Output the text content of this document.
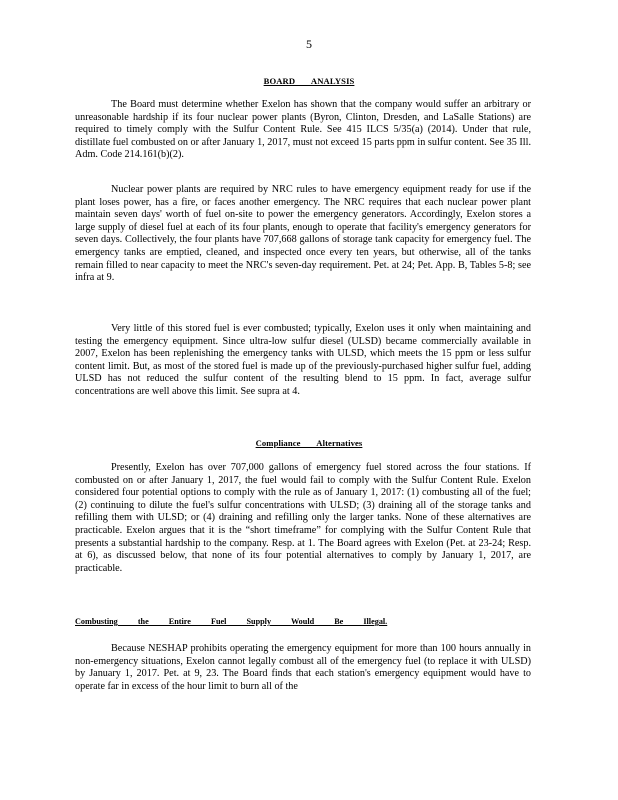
5
BOARD ANALYSIS

The Board must determine whether Exelon has shown that the company would suffer an arbitrary or unreasonable hardship if its four nuclear power plants (Byron, Clinton, Dresden, and LaSalle Stations) are required to timely comply with the Sulfur Content Rule. See 415 ILCS 5/35(a) (2014). Under that rule, distillate fuel combusted on or after January 1, 2017, must not exceed 15 parts ppm in sulfur content. See 35 Ill. Adm. Code 214.161(b)(2).

Nuclear power plants are required by NRC rules to have emergency equipment ready for use if the plant loses power, has a fire, or faces another emergency. The NRC requires that each nuclear power plant maintain seven days' worth of fuel on-site to power the emergency generators. Accordingly, Exelon stores a large supply of diesel fuel at each of its four plants, enough to operate that facility's emergency generators for seven days. Collectively, the four plants have 707,668 gallons of storage tank capacity for emergency fuel. The emergency tanks are emptied, cleaned, and inspected once every ten years, but otherwise, all of the tanks remain filled to near capacity to meet the NRC's seven-day requirement. Pet. at 24; Pet. App. B, Tables 5-8; see infra at 9.

Very little of this stored fuel is ever combusted; typically, Exelon uses it only when maintaining and testing the emergency equipment. Since ultra-low sulfur diesel (ULSD) became commercially available in 2007, Exelon has been replenishing the emergency tanks with ULSD, which meets the 15 ppm or less sulfur content limit. But, as most of the stored fuel is made up of the previously-purchased higher sulfur fuel, adding ULSD has not reduced the sulfur content of the resulting blend to 15 ppm. In fact, average sulfur concentrations are well above this limit. See supra at 4.

Compliance Alternatives

Presently, Exelon has over 707,000 gallons of emergency fuel stored across the four stations. If combusted on or after January 1, 2017, the fuel would fail to comply with the Sulfur Content Rule. Exelon considered four potential options to comply with the rule as of January 1, 2017: (1) combusting all of the fuel; (2) continuing to dilute the fuel's sulfur concentrations with ULSD; (3) draining all of the storage tanks and refilling them with ULSD; or (4) draining and refilling only the larger tanks. None of these alternatives are practicable. Exelon argues that it is the “short timeframe” for complying with the Sulfur Content Rule that presents a substantial hardship to the company. Resp. at 1. The Board agrees with Exelon (Pet. at 23-24; Resp. at 6), as discussed below, that none of its four potential alternatives to comply by January 1, 2017, are practicable.

Combusting the Entire Fuel Supply Would Be Illegal.

Because NESHAP prohibits operating the emergency equipment for more than 100 hours annually in non-emergency situations, Exelon cannot legally combust all of the emergency fuel (to replace it with ULSD) by January 1, 2017. Pet. at 9, 23. The Board finds that each station's emergency equipment would have to operate far in excess of the hour limit to burn all of the
